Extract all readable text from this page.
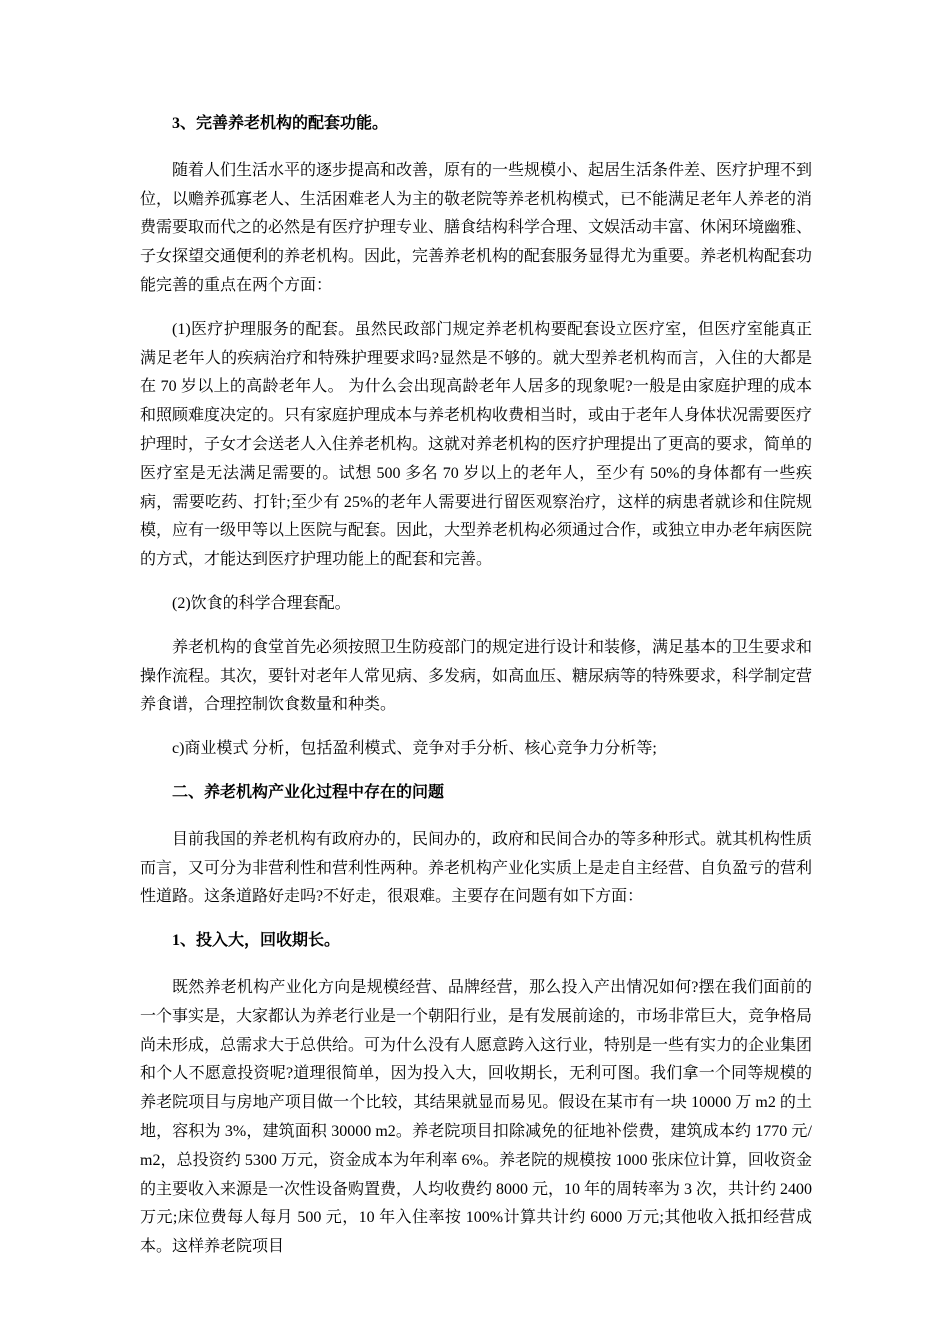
3、完善养老机构的配套功能。

随着人们生活水平的逐步提高和改善，原有的一些规模小、起居生活条件差、医疗护理不到位，以赡养孤寡老人、生活困难老人为主的敬老院等养老机构模式，已不能满足老年人养老的消费需要取而代之的必然是有医疗护理专业、膳食结构科学合理、文娱活动丰富、休闲环境幽雅、子女探望交通便利的养老机构。因此，完善养老机构的配套服务显得尤为重要。养老机构配套功能完善的重点在两个方面：

(1)医疗护理服务的配套。虽然民政部门规定养老机构要配套设立医疗室，但医疗室能真正满足老年人的疾病治疗和特殊护理要求吗?显然是不够的。就大型养老机构而言，入住的大都是在 70 岁以上的高龄老年人。 为什么会出现高龄老年人居多的现象呢?一般是由家庭护理的成本和照顾难度决定的。只有家庭护理成本与养老机构收费相当时，或由于老年人身体状况需要医疗护理时，子女才会送老人入住养老机构。这就对养老机构的医疗护理提出了更高的要求，简单的医疗室是无法满足需要的。试想 500 多名 70 岁以上的老年人，至少有 50%的身体都有一些疾病，需要吃药、打针;至少有 25%的老年人需要进行留医观察治疗，这样的病患者就诊和住院规模，应有一级甲等以上医院与配套。因此，大型养老机构必须通过合作，或独立申办老年病医院的方式，才能达到医疗护理功能上的配套和完善。

(2)饮食的科学合理套配。

养老机构的食堂首先必须按照卫生防疫部门的规定进行设计和装修，满足基本的卫生要求和操作流程。其次，要针对老年人常见病、多发病，如高血压、糖尿病等的特殊要求，科学制定营养食谱，合理控制饮食数量和种类。

c)商业模式 分析，包括盈利模式、竞争对手分析、核心竞争力分析等;

二、养老机构产业化过程中存在的问题

目前我国的养老机构有政府办的，民间办的，政府和民间合办的等多种形式。就其机构性质而言，又可分为非营利性和营利性两种。养老机构产业化实质上是走自主经营、自负盈亏的营利性道路。这条道路好走吗?不好走，很艰难。主要存在问题有如下方面：

1、投入大，回收期长。

既然养老机构产业化方向是规模经营、品牌经营，那么投入产出情况如何?摆在我们面前的一个事实是，大家都认为养老行业是一个朝阳行业，是有发展前途的，市场非常巨大，竞争格局尚未形成，总需求大于总供给。可为什么没有人愿意跨入这行业，特别是一些有实力的企业集团和个人不愿意投资呢?道理很简单，因为投入大，回收期长，无利可图。我们拿一个同等规模的养老院项目与房地产项目做一个比较，其结果就显而易见。假设在某市有一块 10000 万 m2 的土地，容积为 3%，建筑面积 30000 m2。养老院项目扣除减免的征地补偿费，建筑成本约 1770 元/ m2，总投资约 5300 万元，资金成本为年利率 6%。养老院的规模按 1000 张床位计算，回收资金的主要收入来源是一次性设备购置费，人均收费约 8000 元，10 年的周转率为 3 次，共计约 2400 万元;床位费每人每月 500 元，10 年入住率按 100%计算共计约 6000 万元;其他收入抵扣经营成本。这样养老院项目
